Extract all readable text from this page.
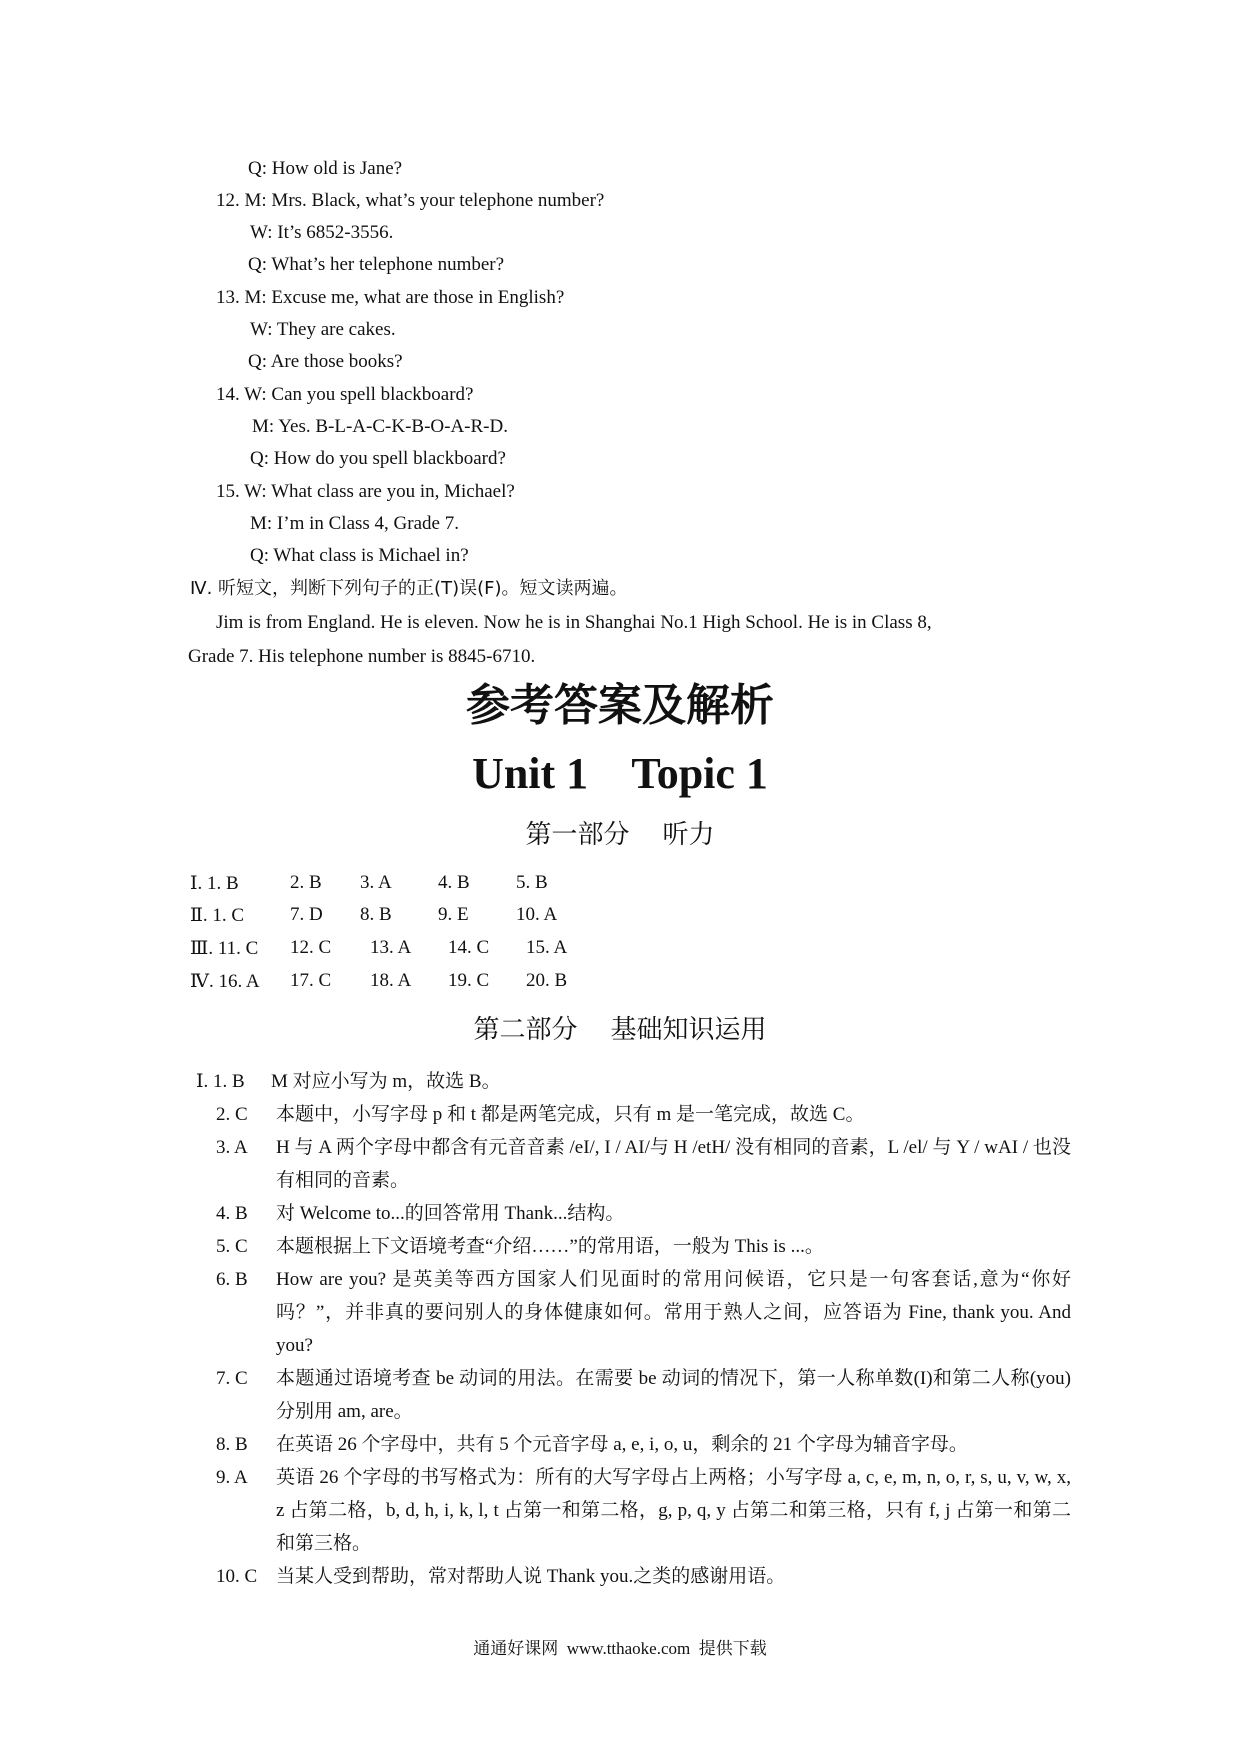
Q: How old is Jane?
12. M: Mrs. Black, what’s your telephone number?
W: It’s 6852-3556.
Q: What’s her telephone number?
13. M: Excuse me, what are those in English?
W: They are cakes.
Q: Are those books?
14. W: Can you spell blackboard?
M: Yes. B-L-A-C-K-B-O-A-R-D.
Q: How do you spell blackboard?
15. W: What class are you in, Michael?
M: I’m in Class 4, Grade 7.
Q: What class is Michael in?
Ⅳ. 听短文，判断下列句子的正(T)误(F)。短文读两遍。
Jim is from England. He is eleven. Now he is in Shanghai No.1 High School. He is in Class 8,
Grade 7. His telephone number is 8845-6710.
参考答案及解析
Unit 1    Topic 1
第一部分    听力
Ⅰ. 1. B	2. B 3. A 4. B 5. B
Ⅱ. 1. C 7. D 8. B 9. E 10. A
Ⅲ. 11. C 12. C 13. A 14. C 15. A
Ⅳ. 16. A 17. C 18. A 19. C 20. B
第二部分    基础知识运用
Ⅰ. 1. B M 对应小写为 m，故选 B。
2. C 本题中，小写字母 p 和 t 都是两笔完成，只有 m 是一笔完成，故选 C。
3. A H 与 A 两个字母中都含有元音音素 /eI/, I / AI/与 H /etH/ 没有相同的音素，L /el/ 与 Y / wAI / 也没有相同的音素。
4. B 对 Welcome to...的回答常用 Thank...结构。
5. C 本题根据上下文语境考查“介绍……”的常用语，一般为 This is ...。
6. B How are you? 是英美等西方国家人们见面时的常用问候语，它只是一句客套话,意为“你好吗？”，并非真的要问别人的身体健康如何。常用于熟人之间，应答语为 Fine, thank you. And you?
7. C 本题通过语境考查 be 动词的用法。在需要 be 动词的情况下，第一人称单数(I)和第二人称(you)分别用 am, are。
8. B 在英语 26 个字母中，共有 5 个元音字母 a, e, i, o, u，剩余的 21 个字母为辅音字母。
9. A 英语 26 个字母的书写格式为：所有的大写字母占上两格；小写字母 a, c, e, m, n, o, r, s, u, v, w, x, z 占第二格，b, d, h, i, k, l, t 占第一和第二格，g, p, q, y 占第二和第三格，只有 f, j 占第一和第二和第三格。
10. C 当某人受到帮助，常对帮助人说 Thank you.之类的感谢用语。
通通好课网  www.tthaoke.com  提供下载
